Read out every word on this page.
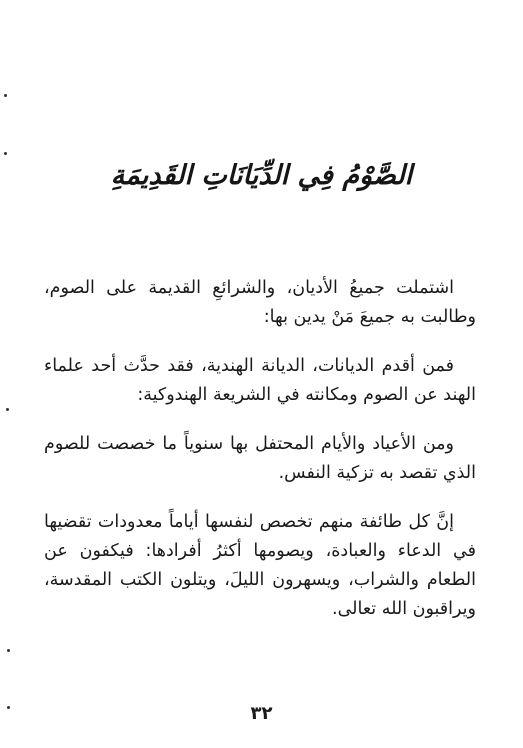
الصَّوْمُ فِي الدِّيَانَاتِ القَدِيمَةِ

اشتملت جميعُ الأديان، والشرائعِ القديمة على الصوم، وطالبت به جميعَ مَنْ يدين بها:

فمن أقدم الديانات، الديانة الهندية، فقد حدَّث أحد علماء الهند عن الصوم ومكانته في الشريعة الهندوكية:

ومن الأعياد والأيام المحتفل بها سنوياً ما خصصت للصوم الذي تقصد به تزكية النفس.

إنَّ كل طائفة منهم تخصص لنفسها أياماً معدودات تقضيها في الدعاء والعبادة، ويصومها أكثرُ أفرادها: فيكفون عن الطعام والشراب، ويسهرون الليلَ، ويتلون الكتب المقدسة، ويراقبون الله تعالى.

٣٢
